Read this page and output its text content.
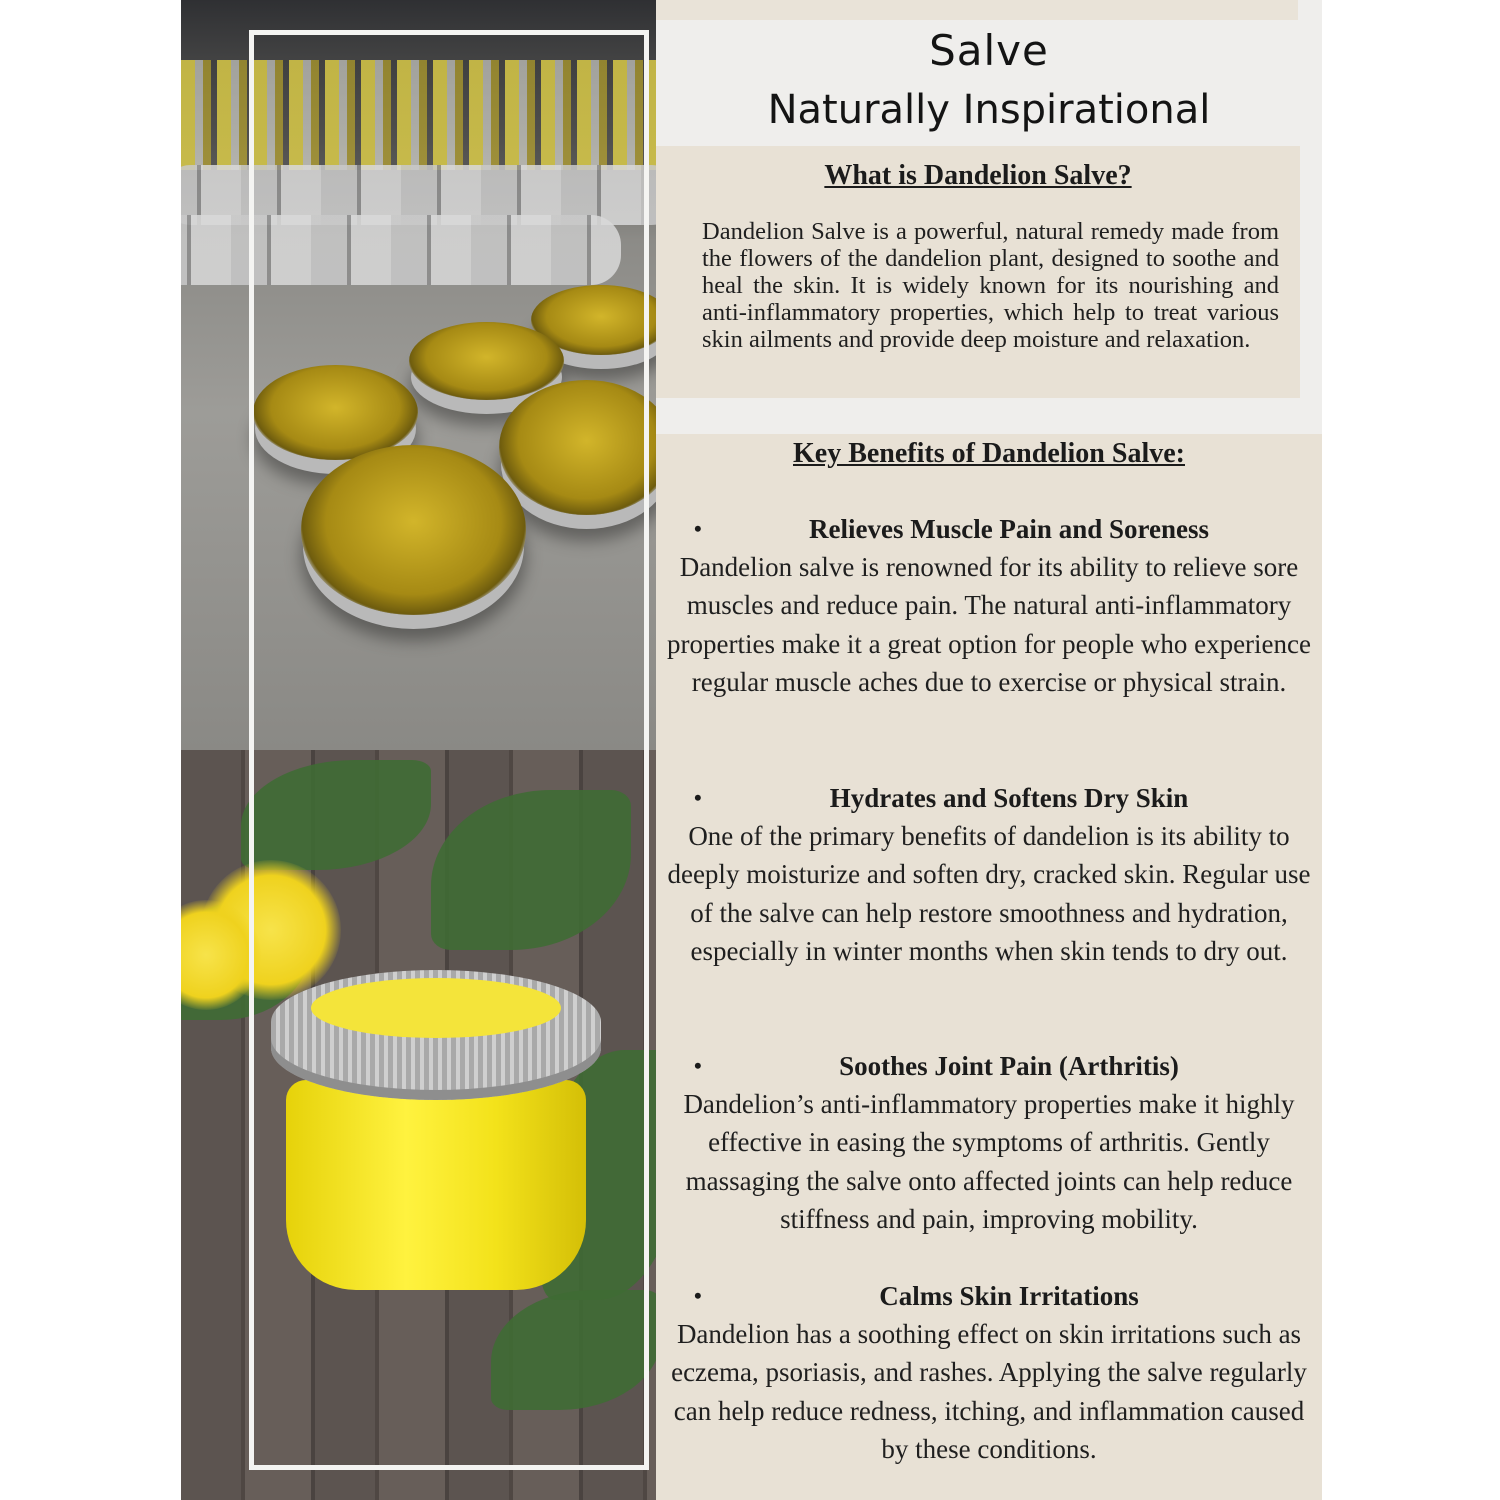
Salve
Naturally Inspirational
What is Dandelion Salve?
Dandelion Salve is a powerful, natural remedy made from the flowers of the dandelion plant, designed to soothe and heal the skin. It is widely known for its nourishing and anti-inflammatory properties, which help to treat various skin ailments and provide deep moisture and relaxation.
Key Benefits of Dandelion Salve:
•	Relieves Muscle Pain and Soreness
Dandelion salve is renowned for its ability to relieve sore muscles and reduce pain. The natural anti-inflammatory properties make it a great option for people who experience regular muscle aches due to exercise or physical strain.
•	Hydrates and Softens Dry Skin
One of the primary benefits of dandelion is its ability to deeply moisturize and soften dry, cracked skin. Regular use of the salve can help restore smoothness and hydration, especially in winter months when skin tends to dry out.
•	Soothes Joint Pain (Arthritis)
Dandelion’s anti-inflammatory properties make it highly effective in easing the symptoms of arthritis. Gently massaging the salve onto affected joints can help reduce stiffness and pain, improving mobility.
•	Calms Skin Irritations
Dandelion has a soothing effect on skin irritations such as eczema, psoriasis, and rashes. Applying the salve regularly can help reduce redness, itching, and inflammation caused by these conditions.
